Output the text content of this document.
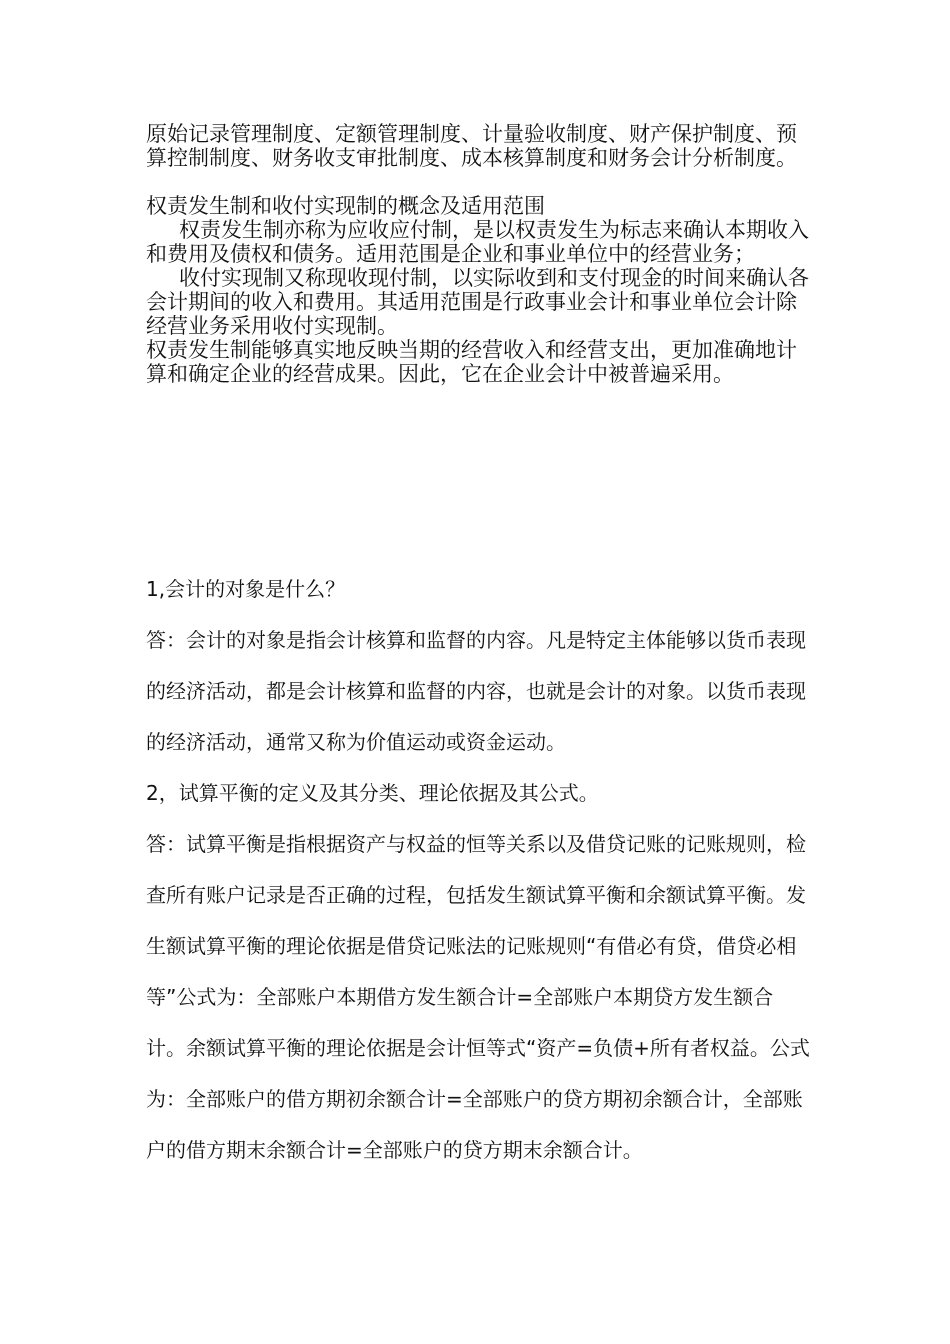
原始记录管理制度、定额管理制度、计量验收制度、财产保护制度、预算控制制度、财务收支审批制度、成本核算制度和财务会计分析制度。

权责发生制和收付实现制的概念及适用范围

权责发生制亦称为应收应付制，是以权责发生为标志来确认本期收入和费用及债权和债务。适用范围是企业和事业单位中的经营业务；

收付实现制又称现收现付制，以实际收到和支付现金的时间来确认各会计期间的收入和费用。其适用范围是行政事业会计和事业单位会计除经营业务采用收付实现制。

权责发生制能够真实地反映当期的经营收入和经营支出，更加准确地计算和确定企业的经营成果。因此，它在企业会计中被普遍采用。

1,会计的对象是什么？

答：会计的对象是指会计核算和监督的内容。凡是特定主体能够以货币表现的经济活动，都是会计核算和监督的内容，也就是会计的对象。以货币表现的经济活动，通常又称为价值运动或资金运动。

2，试算平衡的定义及其分类、理论依据及其公式。

答：试算平衡是指根据资产与权益的恒等关系以及借贷记账的记账规则，检查所有账户记录是否正确的过程，包括发生额试算平衡和余额试算平衡。发生额试算平衡的理论依据是借贷记账法的记账规则“有借必有贷，借贷必相等”公式为：全部账户本期借方发生额合计=全部账户本期贷方发生额合计。余额试算平衡的理论依据是会计恒等式“资产=负债+所有者权益。公式为：全部账户的借方期初余额合计=全部账户的贷方期初余额合计，全部账户的借方期末余额合计=全部账户的贷方期末余额合计。
